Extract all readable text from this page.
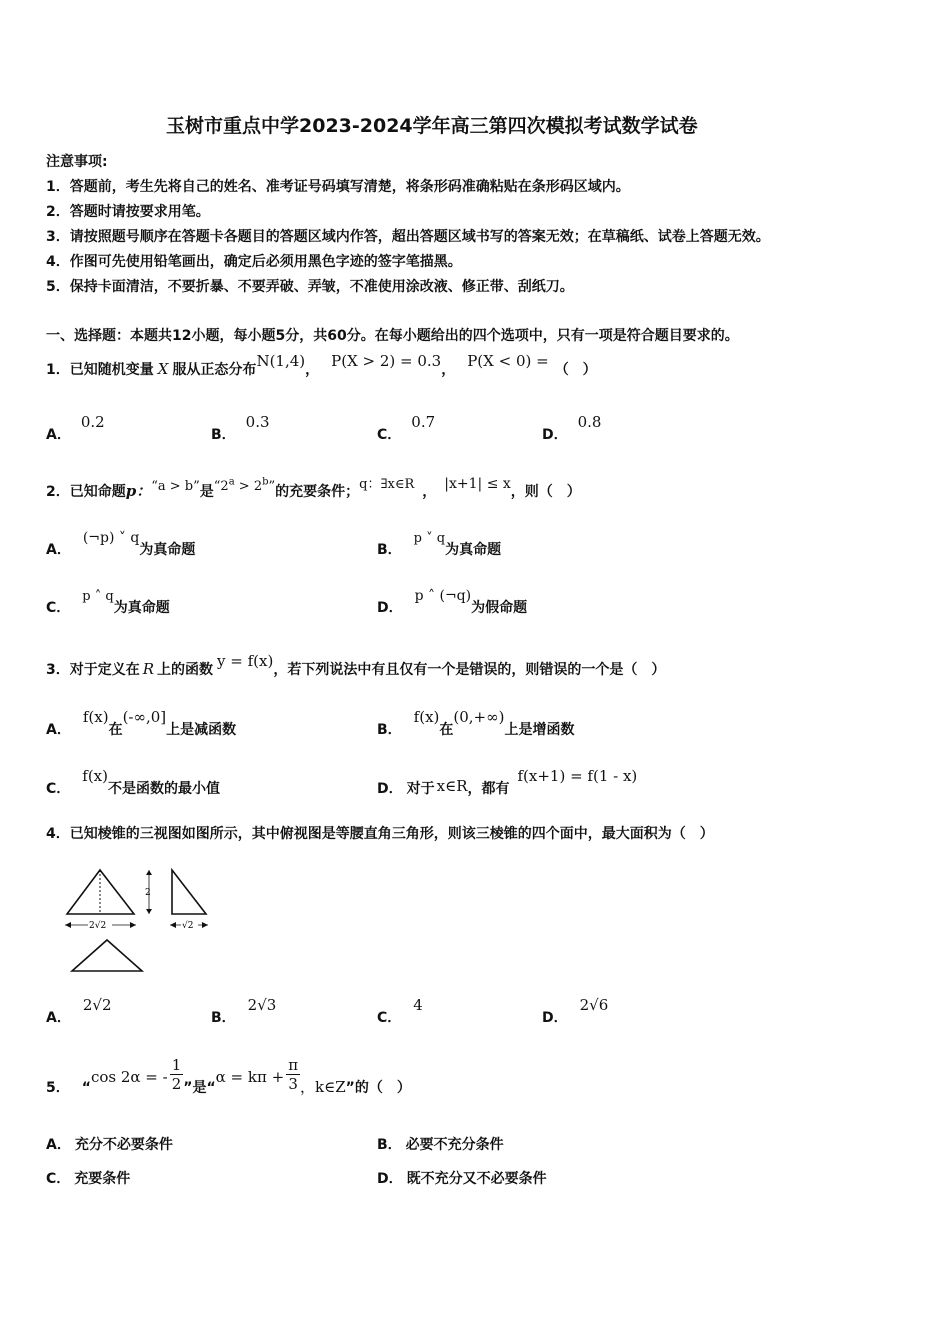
玉树市重点中学2023-2024学年高三第四次模拟考试数学试卷
注意事项:
1．答题前，考生先将自己的姓名、准考证号码填写清楚，将条形码准确粘贴在条形码区域内。
2．答题时请按要求用笔。
3．请按照题号顺序在答题卡各题目的答题区域内作答，超出答题区域书写的答案无效；在草稿纸、试卷上答题无效。
4．作图可先使用铅笔画出，确定后必须用黑色字迹的签字笔描黑。
5．保持卡面清洁，不要折暴、不要弄破、弄皱，不准使用涂改液、修正带、刮纸刀。
一、选择题：本题共12小题，每小题5分，共60分。在每小题给出的四个选项中，只有一项是符合题目要求的。
1．已知随机变量 X 服从正态分布N(1,4)， P(X > 2) = 0.3， P(X < 0) = （　）
A．0.2
B．0.3
C．0.7
D．0.8
2．已知命题p：“a > b”是“$2^a > 2^b$”的充要条件；q：∃x∈R ， |x+1| ≤ x，则（　）
A．(¬p) ˅ q为真命题	B．p ˅ q为真命题
C．p ˄ q为真命题	D．p ˄ (¬q)为假命题
3．对于定义在 R 上的函数 y = f(x)，若下列说法中有且仅有一个是错误的，则错误的一个是（　）
A．f(x)在(-∞,0]上是减函数	B．f(x)在(0,+∞)上是增函数
C．f(x)不是函数的最小值	D． 对于 x∈R，都有f(x+1) = f(1 - x)
4．已知棱锥的三视图如图所示，其中俯视图是等腰直角三角形，则该三棱锥的四个面中，最大面积为（　）
2
2√2	√2
A．2√2
B．2√3
C．4
D．2√6
5． “cos 2α = - $\frac{1}{2}$ ”是“$\alpha = k\pi + \frac{\pi}{3}$ ，k∈Z”的（　）
A． 充分不必要条件	B． 必要不充分条件
C． 充要条件	D． 既不充分又不必要条件
